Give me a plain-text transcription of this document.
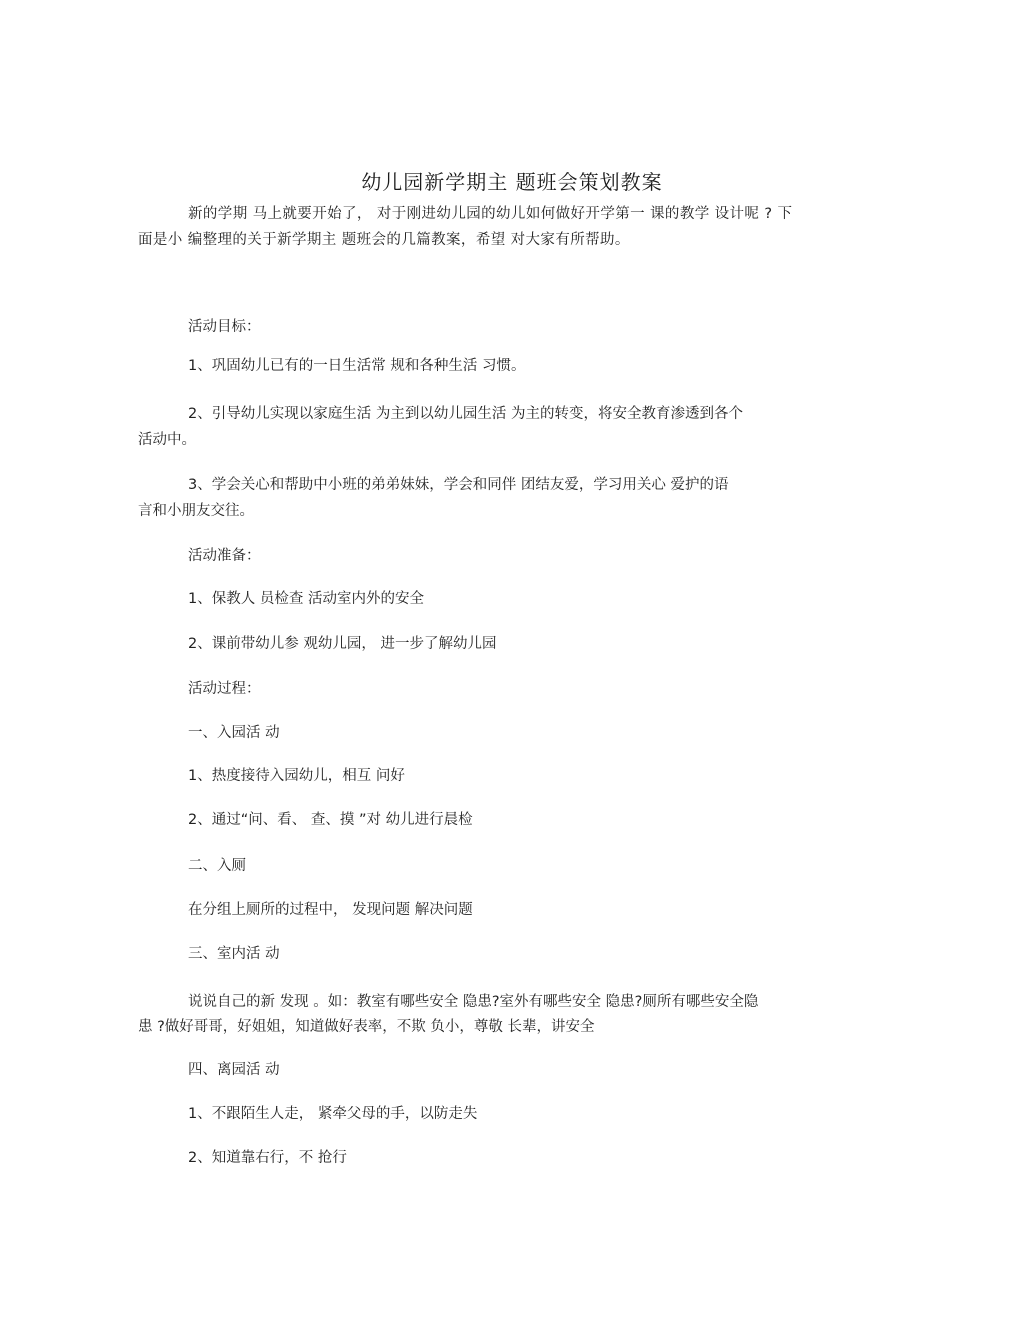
幼儿园新学期主 题班会策划教案
新的学期 马上就要开始了， 对于刚进幼儿园的幼儿如何做好开学第一 课的教学 设计呢 ? 下
面是小 编整理的关于新学期主 题班会的几篇教案，希望 对大家有所帮助。
活动目标：
1、巩固幼儿已有的一日生活常 规和各种生活 习惯。
2、引导幼儿实现以家庭生活 为主到以幼儿园生活 为主的转变，将安全教育渗透到各个
活动中。
3、学会关心和帮助中小班的弟弟妹妹，学会和同伴 团结友爱，学习用关心 爱护的语
言和小朋友交往。
活动准备：
1、保教人 员检查 活动室内外的安全
2、课前带幼儿参 观幼儿园， 进一步了解幼儿园
活动过程：
一、入园活 动
1、热度接待入园幼儿，相互 问好
2、通过“问、看、 查、摸 ”对 幼儿进行晨检
二、入厕
在分组上厕所的过程中， 发现问题 解决问题
三、室内活 动
说说自己的新 发现 。如：教室有哪些安全 隐患?室外有哪些安全 隐患?厕所有哪些安全隐
患 ?做好哥哥，好姐姐，知道做好表率，不欺 负小，尊敬 长辈，讲安全
四、离园活 动
1、不跟陌生人走， 紧牵父母的手，以防走失
2、知道靠右行，不 抢行
